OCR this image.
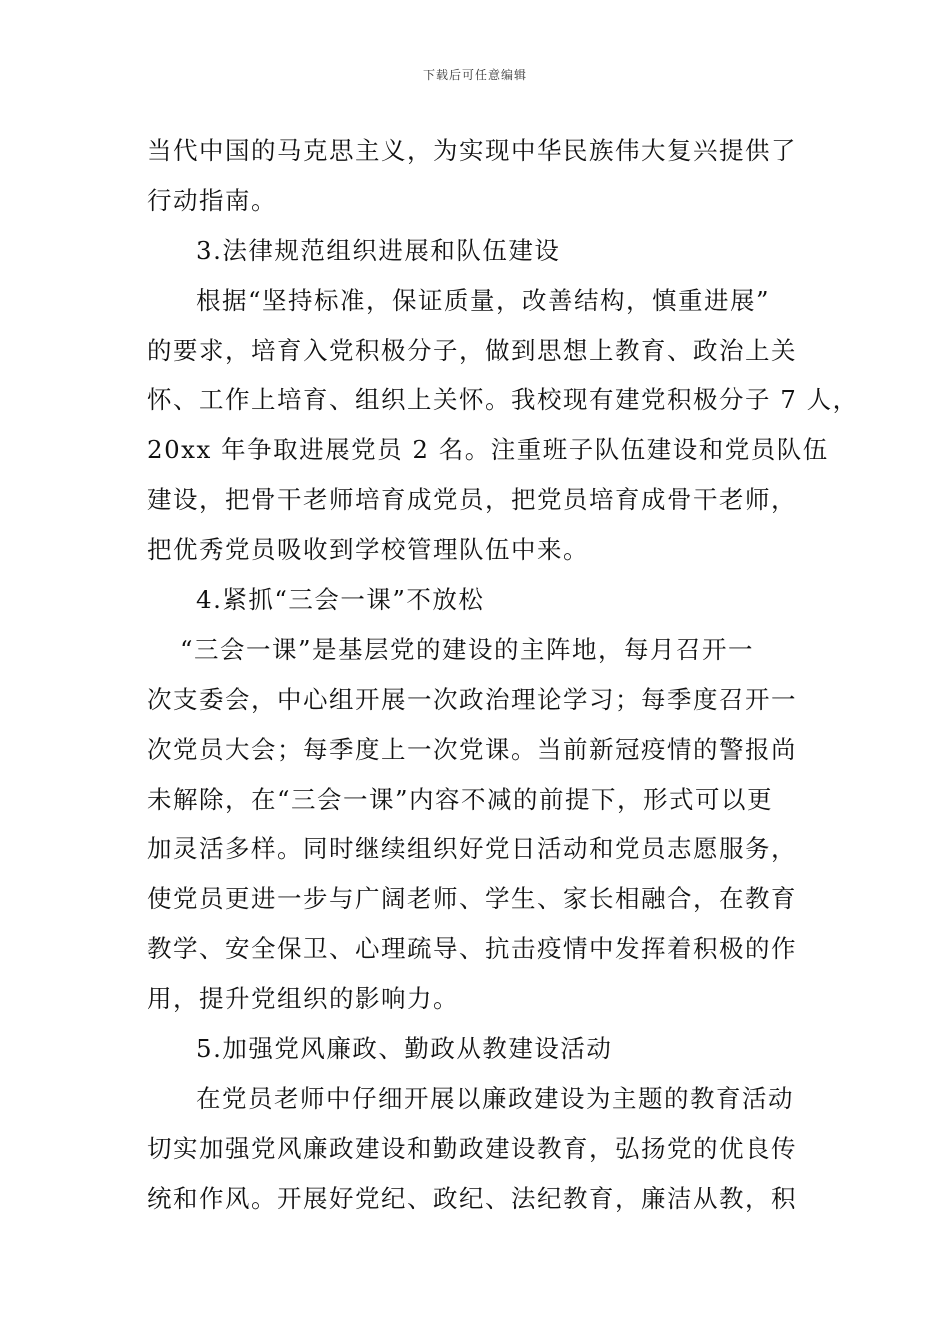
下载后可任意编辑
当代中国的马克思主义，为实现中华民族伟大复兴提供了
行动指南。
3.法律规范组织进展和队伍建设
根据“坚持标准，保证质量，改善结构，慎重进展”
的要求，培育入党积极分子，做到思想上教育、政治上关
怀、工作上培育、组织上关怀。我校现有建党积极分子 7 人，
20xx 年争取进展党员 2 名。注重班子队伍建设和党员队伍
建设，把骨干老师培育成党员，把党员培育成骨干老师，
把优秀党员吸收到学校管理队伍中来。
4.紧抓“三会一课”不放松
“三会一课”是基层党的建设的主阵地，每月召开一
次支委会，中心组开展一次政治理论学习；每季度召开一
次党员大会；每季度上一次党课。当前新冠疫情的警报尚
未解除，在“三会一课”内容不减的前提下，形式可以更
加灵活多样。同时继续组织好党日活动和党员志愿服务，
使党员更进一步与广阔老师、学生、家长相融合，在教育
教学、安全保卫、心理疏导、抗击疫情中发挥着积极的作
用，提升党组织的影响力。
5.加强党风廉政、勤政从教建设活动
在党员老师中仔细开展以廉政建设为主题的教育活动
切实加强党风廉政建设和勤政建设教育，弘扬党的优良传
统和作风。开展好党纪、政纪、法纪教育，廉洁从教，积
